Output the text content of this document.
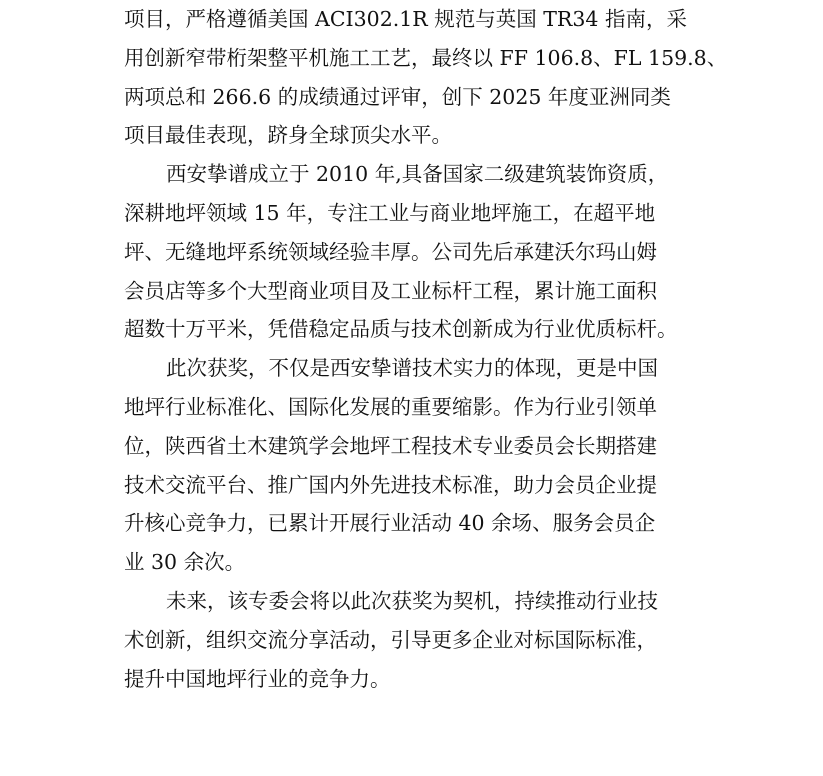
项目，严格遵循美国 ACI302.1R 规范与英国 TR34 指南，采
用创新窄带桁架整平机施工工艺，最终以 FF 106.8、FL 159.8、
两项总和 266.6 的成绩通过评审，创下 2025 年度亚洲同类
项目最佳表现，跻身全球顶尖水平。
西安挚谱成立于 2010 年,具备国家二级建筑装饰资质，
深耕地坪领域 15 年，专注工业与商业地坪施工，在超平地
坪、无缝地坪系统领域经验丰厚。公司先后承建沃尔玛山姆
会员店等多个大型商业项目及工业标杆工程，累计施工面积
超数十万平米，凭借稳定品质与技术创新成为行业优质标杆。
此次获奖，不仅是西安挚谱技术实力的体现，更是中国
地坪行业标准化、国际化发展的重要缩影。作为行业引领单
位，陕西省土木建筑学会地坪工程技术专业委员会长期搭建
技术交流平台、推广国内外先进技术标准，助力会员企业提
升核心竞争力，已累计开展行业活动 40 余场、服务会员企
业 30 余次。
未来，该专委会将以此次获奖为契机，持续推动行业技
术创新，组织交流分享活动，引导更多企业对标国际标准，
提升中国地坪行业的竞争力。
